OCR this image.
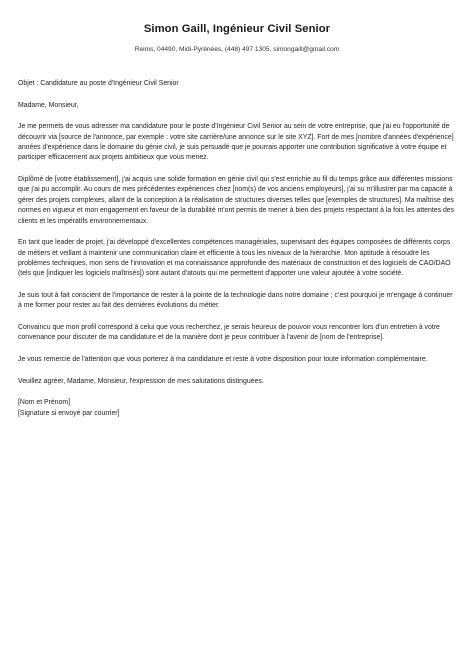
Simon Gaill, Ingénieur Civil Senior
Reims, 04490, Midi-Pyrénées, (448) 497 1305, simongaill@gmail.com

Objet : Candidature au poste d'Ingénieur Civil Senior

Madame, Monsieur,

Je me permets de vous adresser ma candidature pour le poste d'Ingénieur Civil Senior au sein de votre entreprise, que j'ai eu l'opportunité de découvrir via [source de l'annonce, par exemple : votre site carrière/une annonce sur le site XYZ]. Fort de mes [nombre d'années d'expérience] années d'expérience dans le domaine du génie civil, je suis persuadé que je pourrais apporter une contribution significative à votre équipe et participer efficacement aux projets ambitieux que vous menez.

Diplômé de [votre établissement], j'ai acquis une solide formation en génie civil qui s'est enrichie au fil du temps grâce aux différentes missions que j'ai pu accomplir. Au cours de mes précédentes expériences chez [nom(s) de vos anciens employeurs], j'ai su m'illustrer par ma capacité à gérer des projets complexes, allant de la conception à la réalisation de structures diverses telles que [exemples de structures]. Ma maîtrise des normes en vigueur et mon engagement en faveur de la durabilité m'ont permis de mener à bien des projets respectant à la fois les attentes des clients et les impératifs environnementaux.

En tant que leader de projet, j'ai développé d'excellentes compétences managériales, supervisant des équipes composées de différents corps de métiers et veillant à maintenir une communication claire et efficiente à tous les niveaux de la hiérarchie. Mon aptitude à résoudre les problèmes techniques, mon sens de l'innovation et ma connaissance approfondie des matériaux de construction et des logiciels de CAO/DAO (tels que [indiquer les logiciels maîtrisés]) sont autant d'atouts qui me permettent d'apporter une valeur ajoutée à votre société.

Je suis tout à fait conscient de l'importance de rester à la pointe de la technologie dans notre domaine ; c'est pourquoi je m'engage à continuer à me former pour rester au fait des dernières évolutions du métier.

Convaincu que mon profil correspond à celui que vous recherchez, je serais heureux de pouvoir vous rencontrer lors d'un entretien à votre convenance pour discuter de ma candidature et de la manière dont je peux contribuer à l'avenir de [nom de l'entreprise].

Je vous remercie de l'attention que vous porterez à ma candidature et reste à votre disposition pour toute information complémentaire.

Veuillez agréer, Madame, Monsieur, l'expression de mes salutations distinguées.

[Nom et Prénom]

[Signature si envoyé par courrier]
